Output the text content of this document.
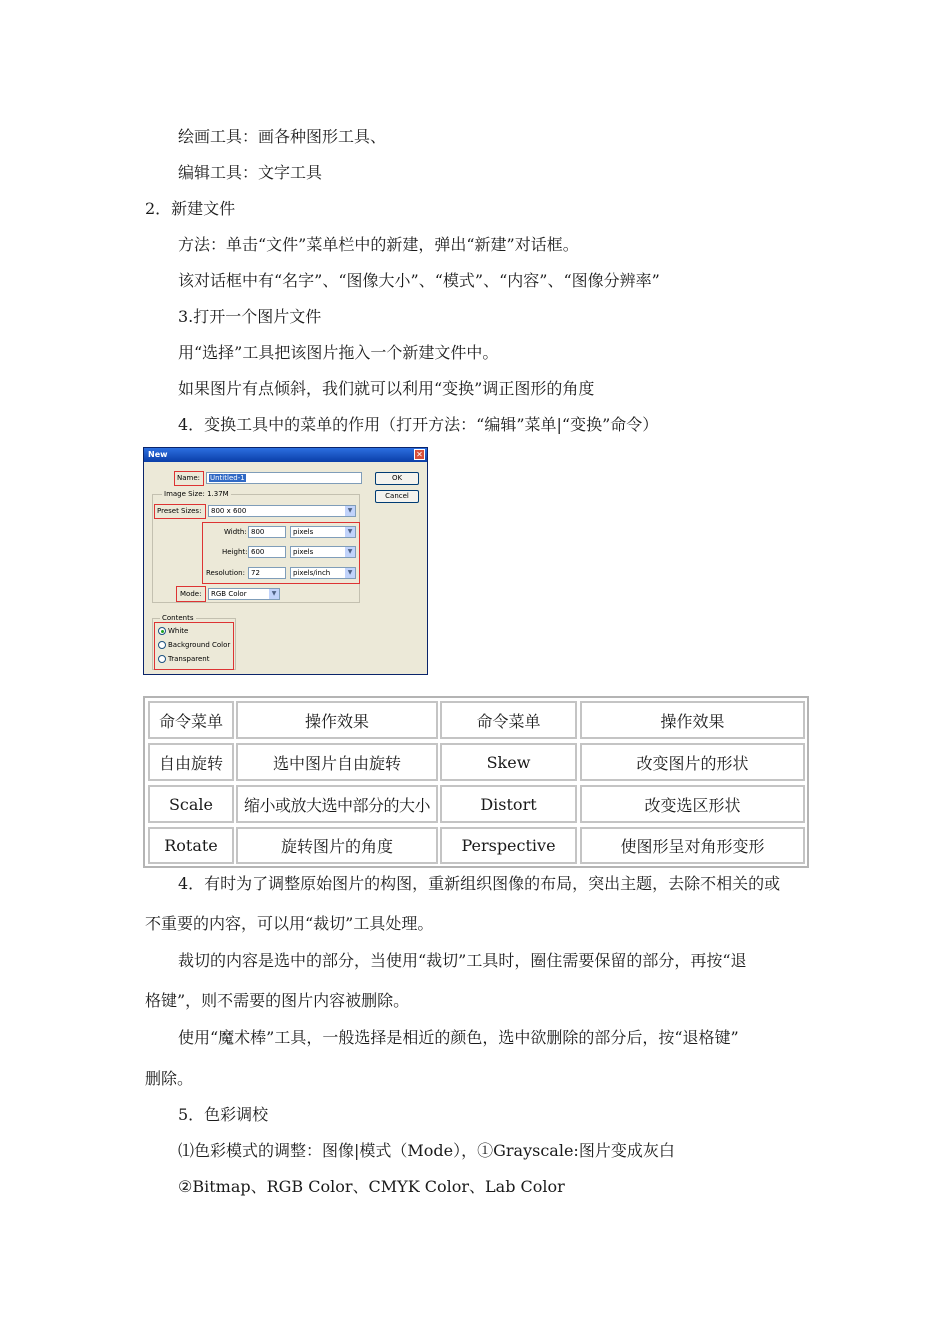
绘画工具：画各种图形工具、
编辑工具：文字工具
2．新建文件
方法：单击“文件”菜单栏中的新建，弹出“新建”对话框。
该对话框中有“名字”、“图像大小”、“模式”、“内容”、“图像分辨率”
3.打开一个图片文件
用“选择”工具把该图片拖入一个新建文件中。
如果图片有点倾斜，我们就可以利用“变换”调正图形的角度
4．变换工具中的菜单的作用（打开方法：“编辑”菜单|“变换”命令）
New	✕
Name:	Untitled-1	OK
Cancel
Image Size: 1.37M
Preset Sizes:	800 x 600	▼
Width: 800	pixels	▼
Height: 600	pixels	▼
Resolution: 72	pixels/inch	▼
Mode:	RGB Color	▼
Contents
White
Background Color
Transparent
命令菜单	操作效果	命令菜单	操作效果
自由旋转	选中图片自由旋转	Skew	改变图片的形状
Scale	缩小或放大选中部分的大小	Distort	改变选区形状
Rotate	旋转图片的角度	Perspective	使图形呈对角形变形
4．有时为了调整原始图片的构图，重新组织图像的布局，突出主题，去除不相关的或
不重要的内容，可以用“裁切”工具处理。
裁切的内容是选中的部分，当使用“裁切”工具时，圈住需要保留的部分，再按“退
格键”，则不需要的图片内容被删除。
使用“魔术棒”工具，一般选择是相近的颜色，选中欲删除的部分后，按“退格键”
删除。
5．色彩调校
⑴色彩模式的调整：图像|模式（Mode），①Grayscale:图片变成灰白
②Bitmap、RGB Color、CMYK Color、Lab Color
